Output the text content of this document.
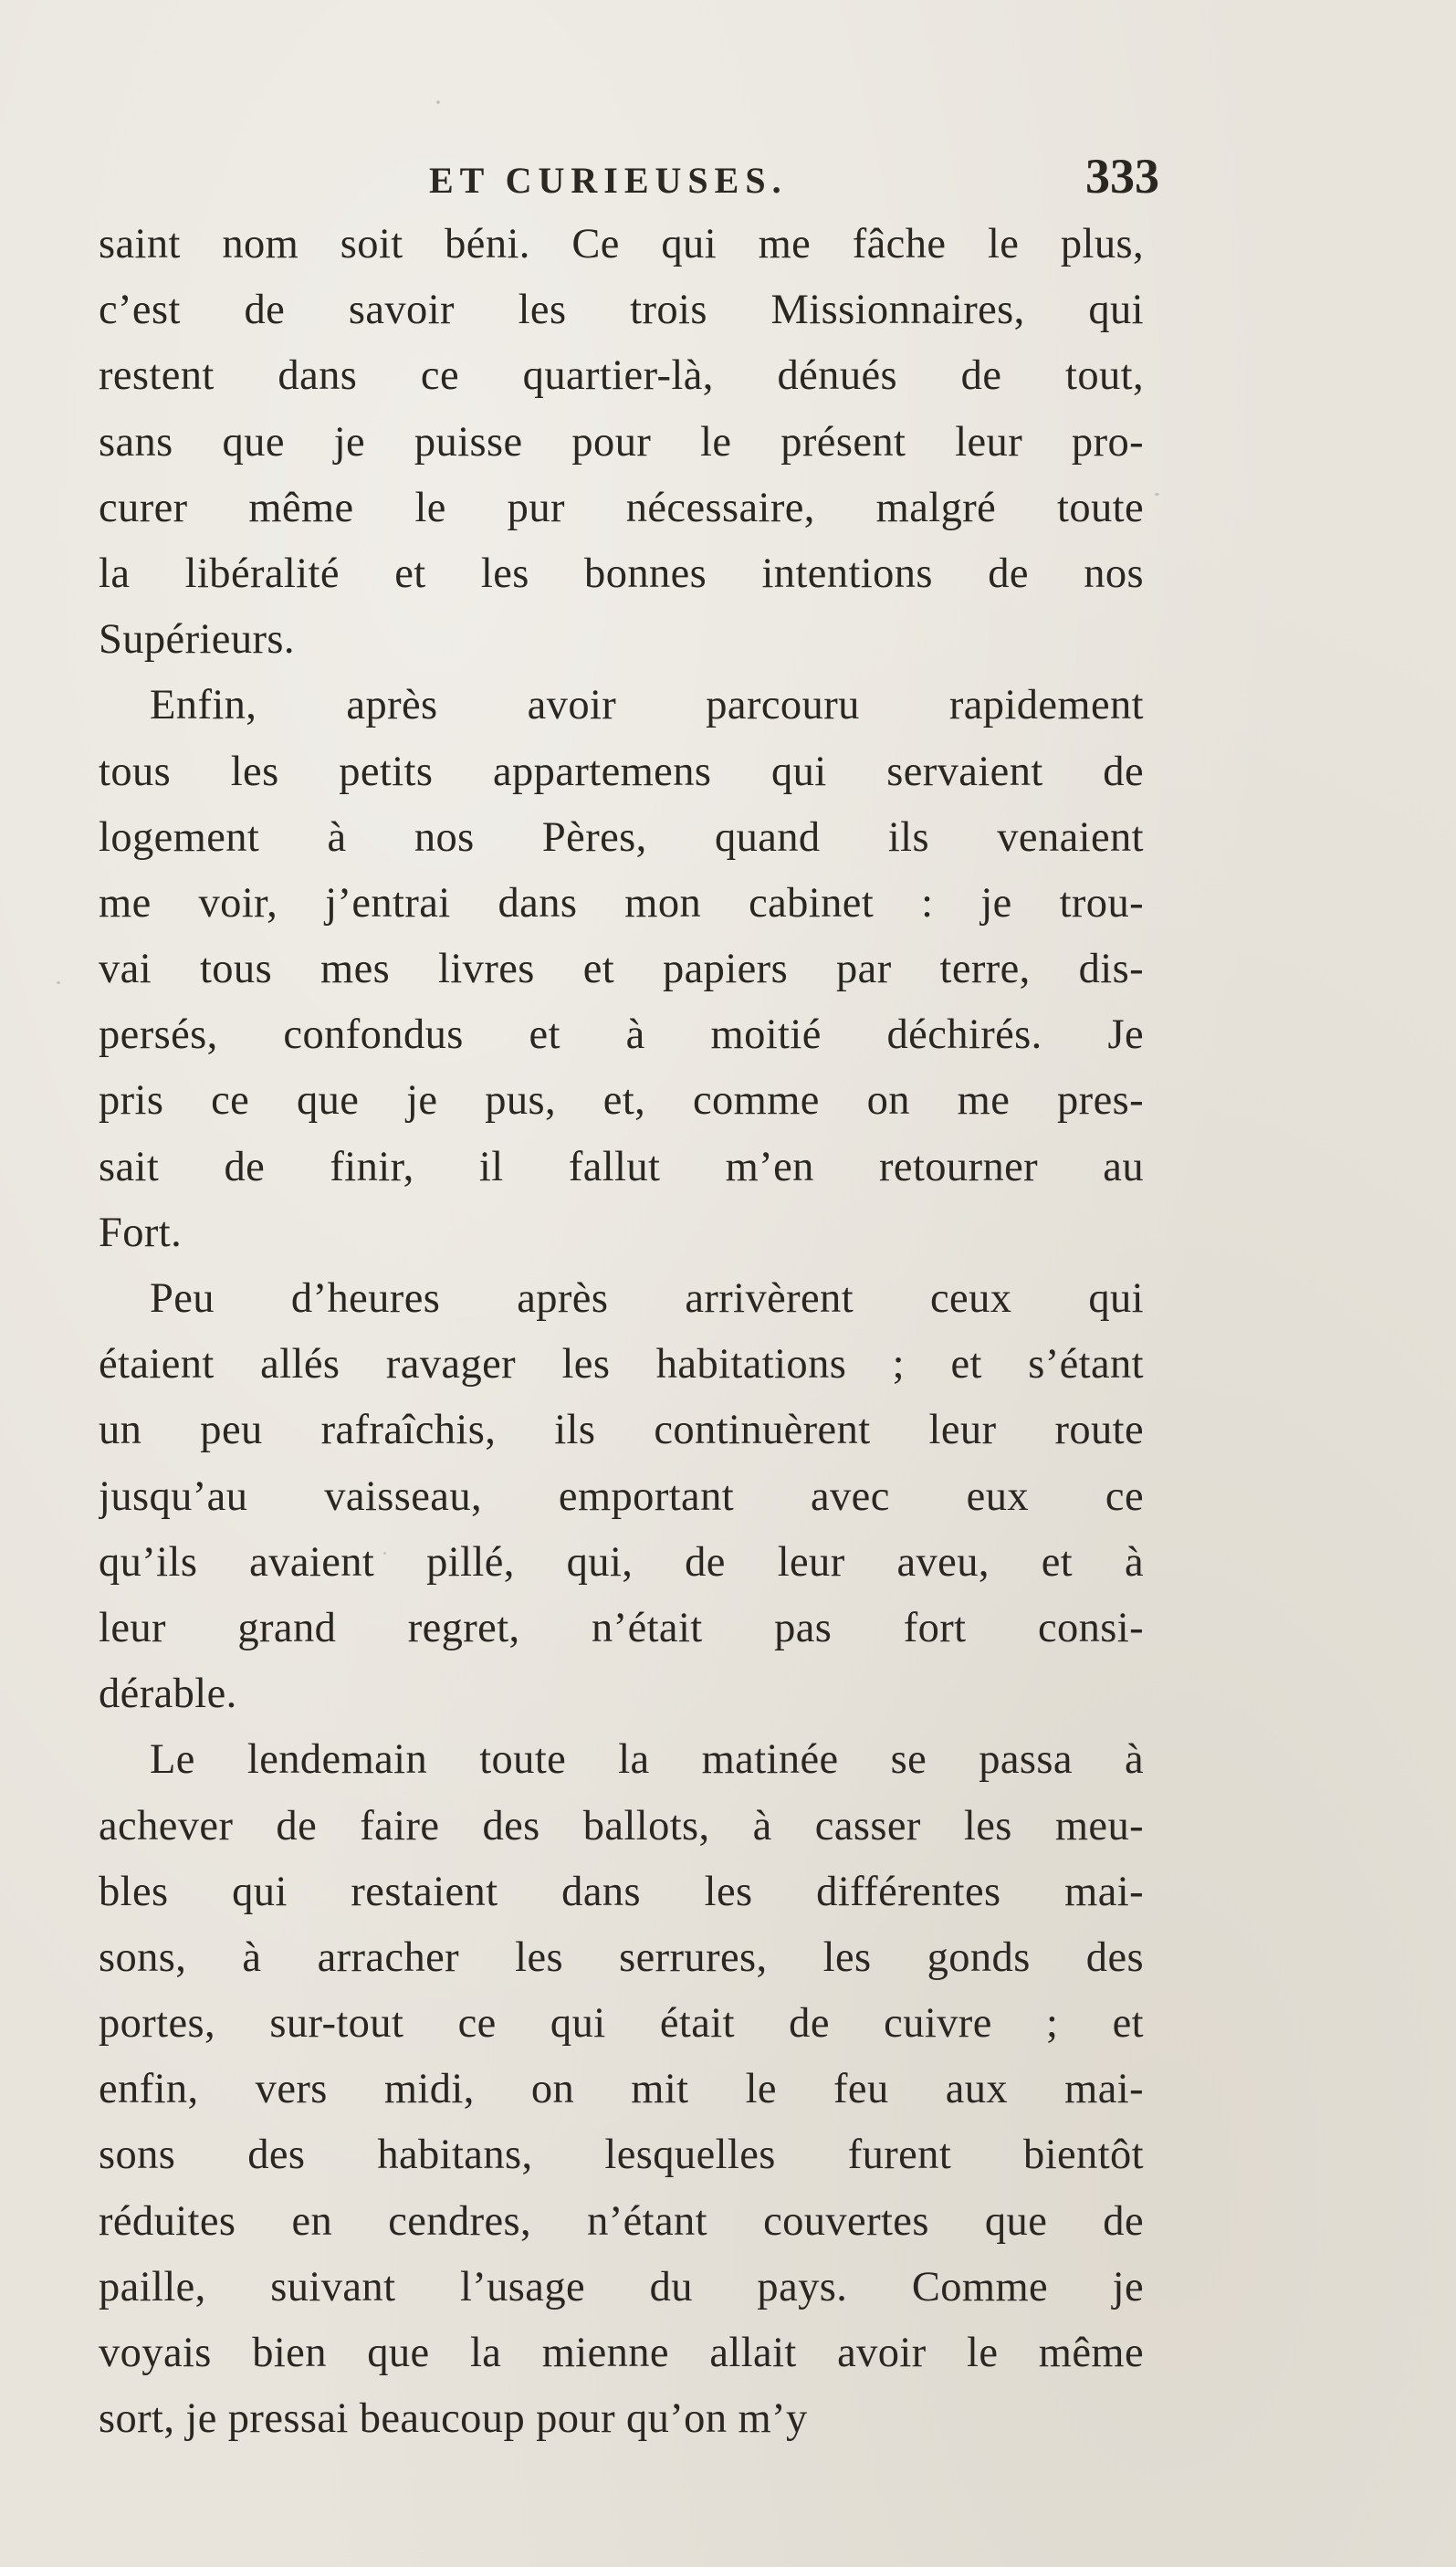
ET CURIEUSES.	333
saint nom soit béni. Ce qui me fâche le plus,
c’est de savoir les trois Missionnaires, qui
restent dans ce quartier-là, dénués de tout,
sans que je puisse pour le présent leur pro-
curer même le pur nécessaire, malgré toute
la libéralité et les bonnes intentions de nos
Supérieurs.
Enfin, après avoir parcouru rapidement
tous les petits appartemens qui servaient de
logement à nos Pères, quand ils venaient
me voir, j’entrai dans mon cabinet : je trou-
vai tous mes livres et papiers par terre, dis-
persés, confondus et à moitié déchirés. Je
pris ce que je pus, et, comme on me pres-
sait de finir, il fallut m’en retourner au
Fort.
Peu d’heures après arrivèrent ceux qui
étaient allés ravager les habitations ; et s’étant
un peu rafraîchis, ils continuèrent leur route
jusqu’au vaisseau, emportant avec eux ce
qu’ils avaient pillé, qui, de leur aveu, et à
leur grand regret, n’était pas fort consi-
dérable.
Le lendemain toute la matinée se passa à
achever de faire des ballots, à casser les meu-
bles qui restaient dans les différentes mai-
sons, à arracher les serrures, les gonds des
portes, sur-tout ce qui était de cuivre ; et
enfin, vers midi, on mit le feu aux mai-
sons des habitans, lesquelles furent bientôt
réduites en cendres, n’étant couvertes que de
paille, suivant l’usage du pays. Comme je
voyais bien que la mienne allait avoir le même
sort, je pressai beaucoup pour qu’on m’y
